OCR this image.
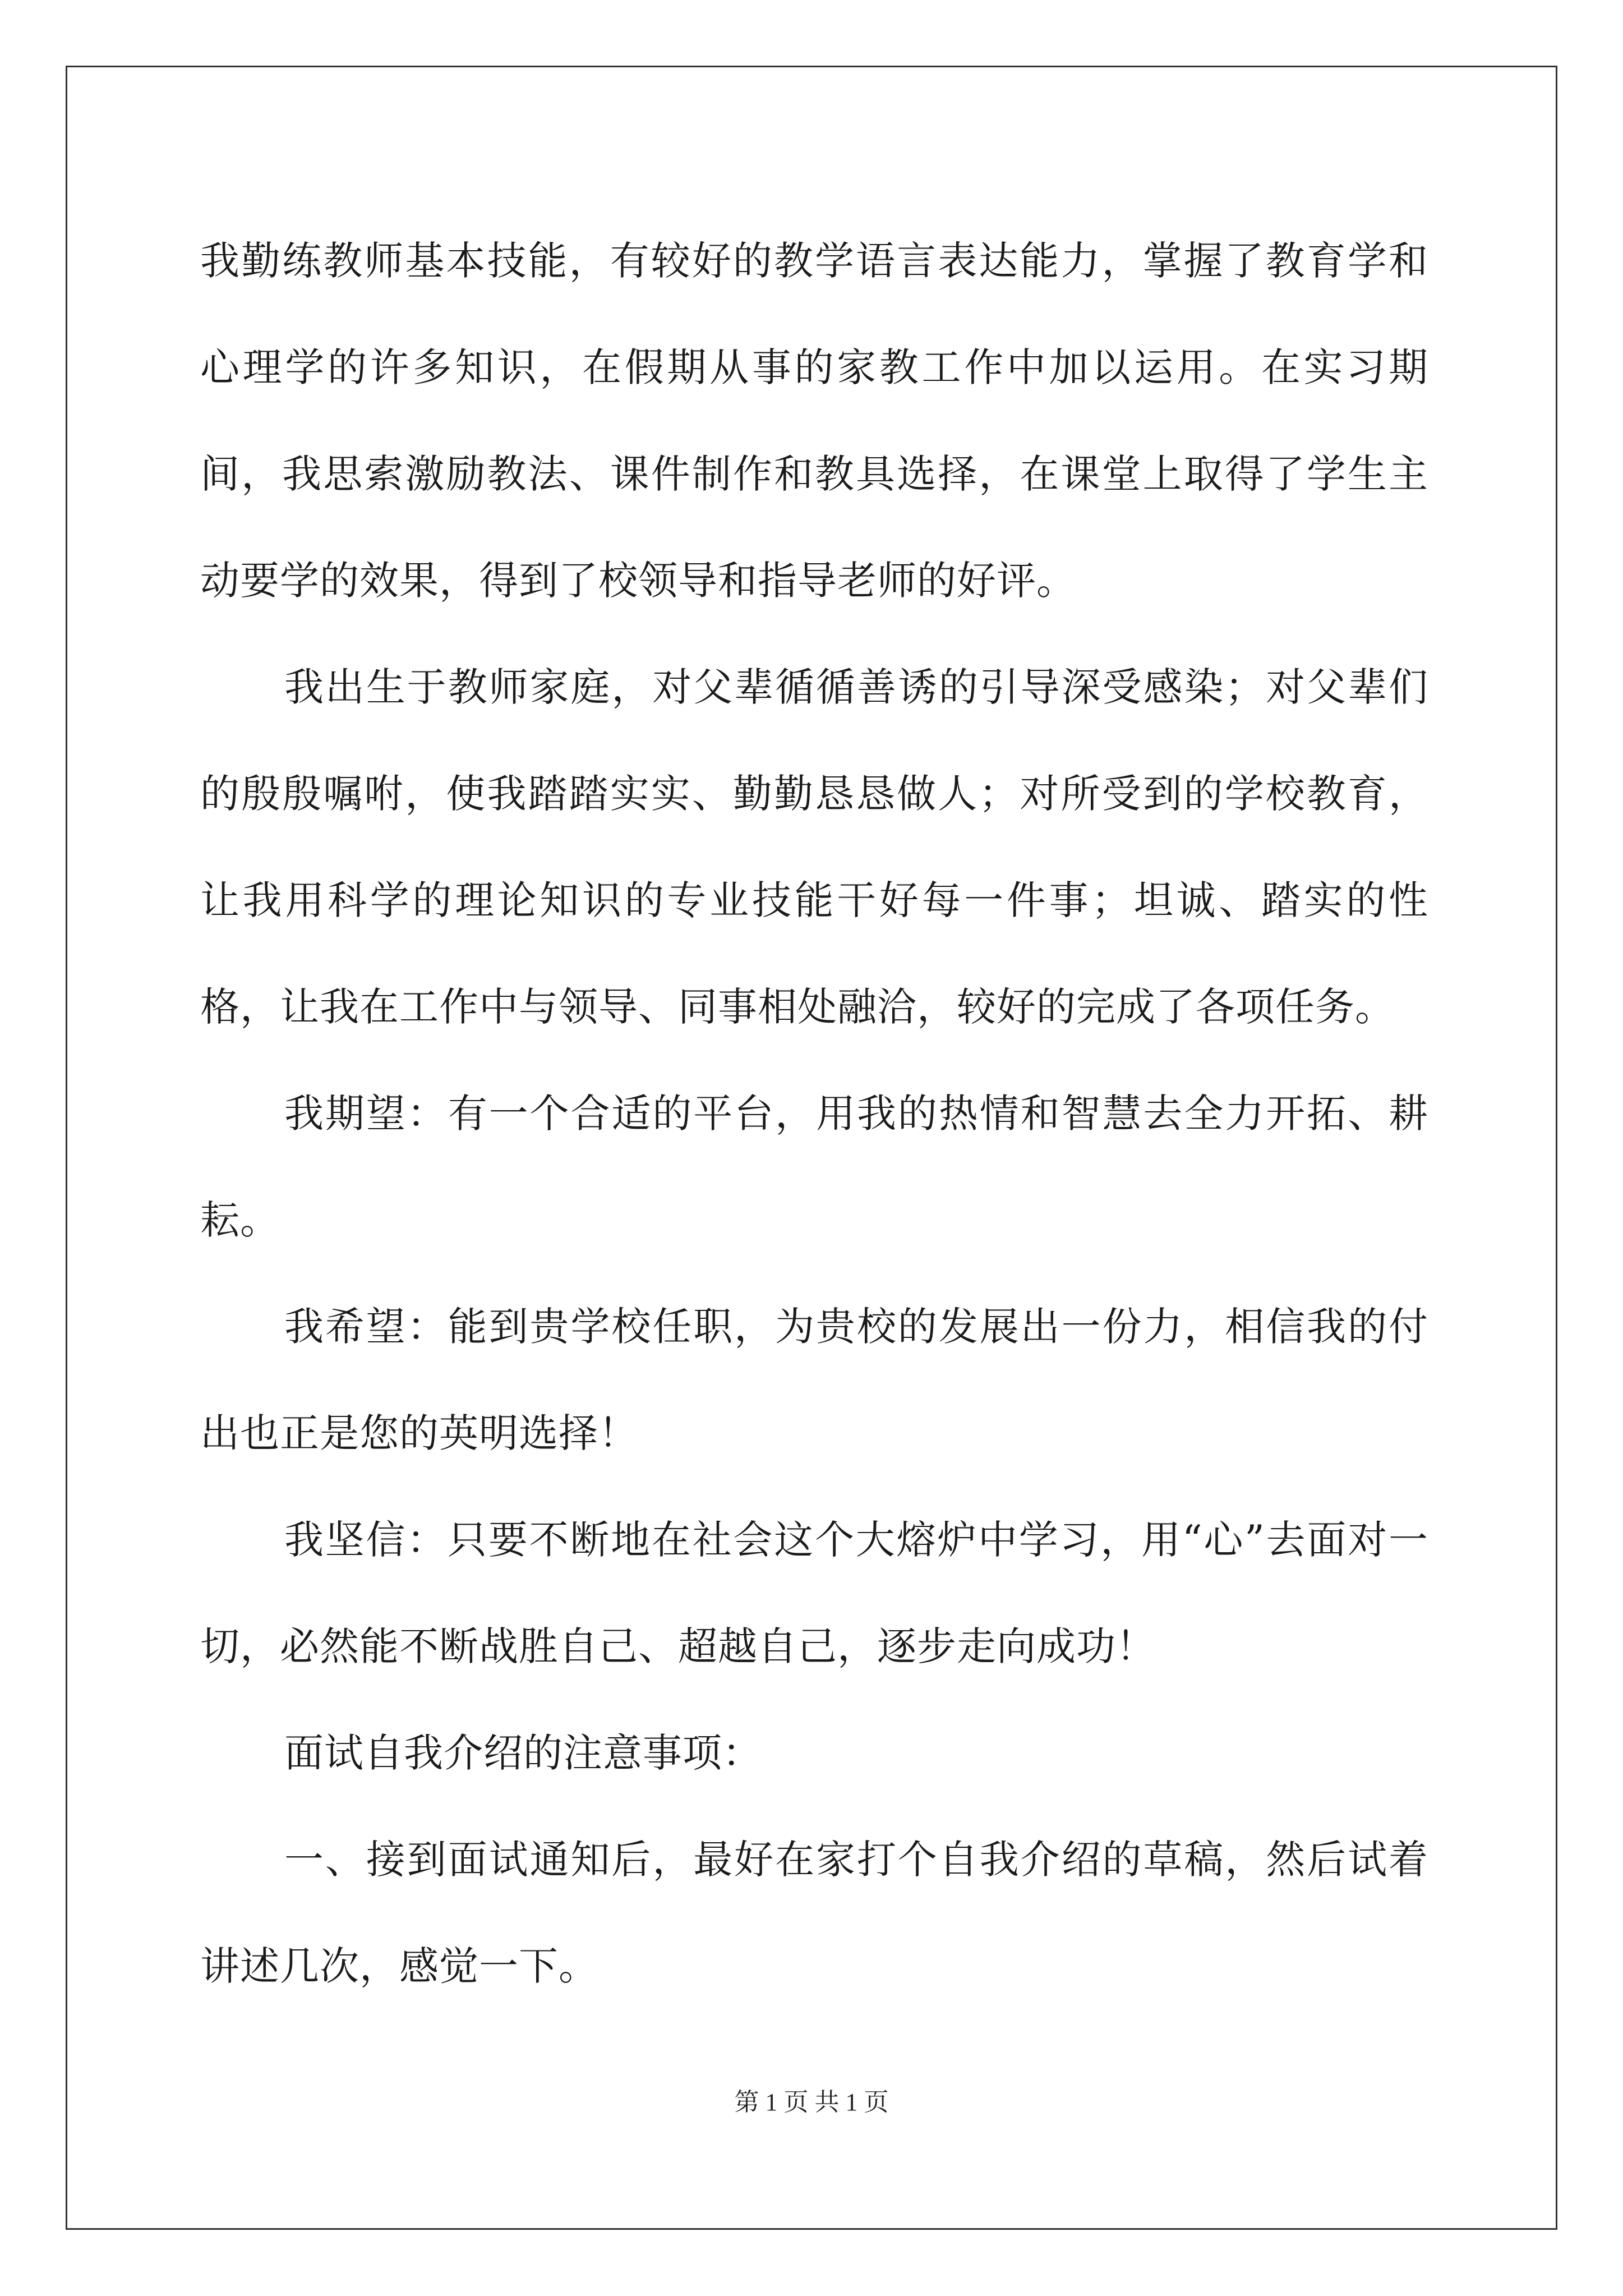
我勤练教师基本技能，有较好的教学语言表达能力，掌握了教育学和心理学的许多知识，在假期从事的家教工作中加以运用。在实习期间，我思索激励教法、课件制作和教具选择，在课堂上取得了学生主动要学的效果，得到了校领导和指导老师的好评。

我出生于教师家庭，对父辈循循善诱的引导深受感染；对父辈们的殷殷嘱咐，使我踏踏实实、勤勤恳恳做人；对所受到的学校教育，让我用科学的理论知识的专业技能干好每一件事；坦诚、踏实的性格，让我在工作中与领导、同事相处融洽，较好的完成了各项任务。

我期望：有一个合适的平台，用我的热情和智慧去全力开拓、耕耘。

我希望：能到贵学校任职，为贵校的发展出一份力，相信我的付出也正是您的英明选择！

我坚信：只要不断地在社会这个大熔炉中学习，用“心”去面对一切，必然能不断战胜自己、超越自己，逐步走向成功！

面试自我介绍的注意事项：

一、接到面试通知后，最好在家打个自我介绍的草稿，然后试着讲述几次，感觉一下。

第 1 页 共 1 页
